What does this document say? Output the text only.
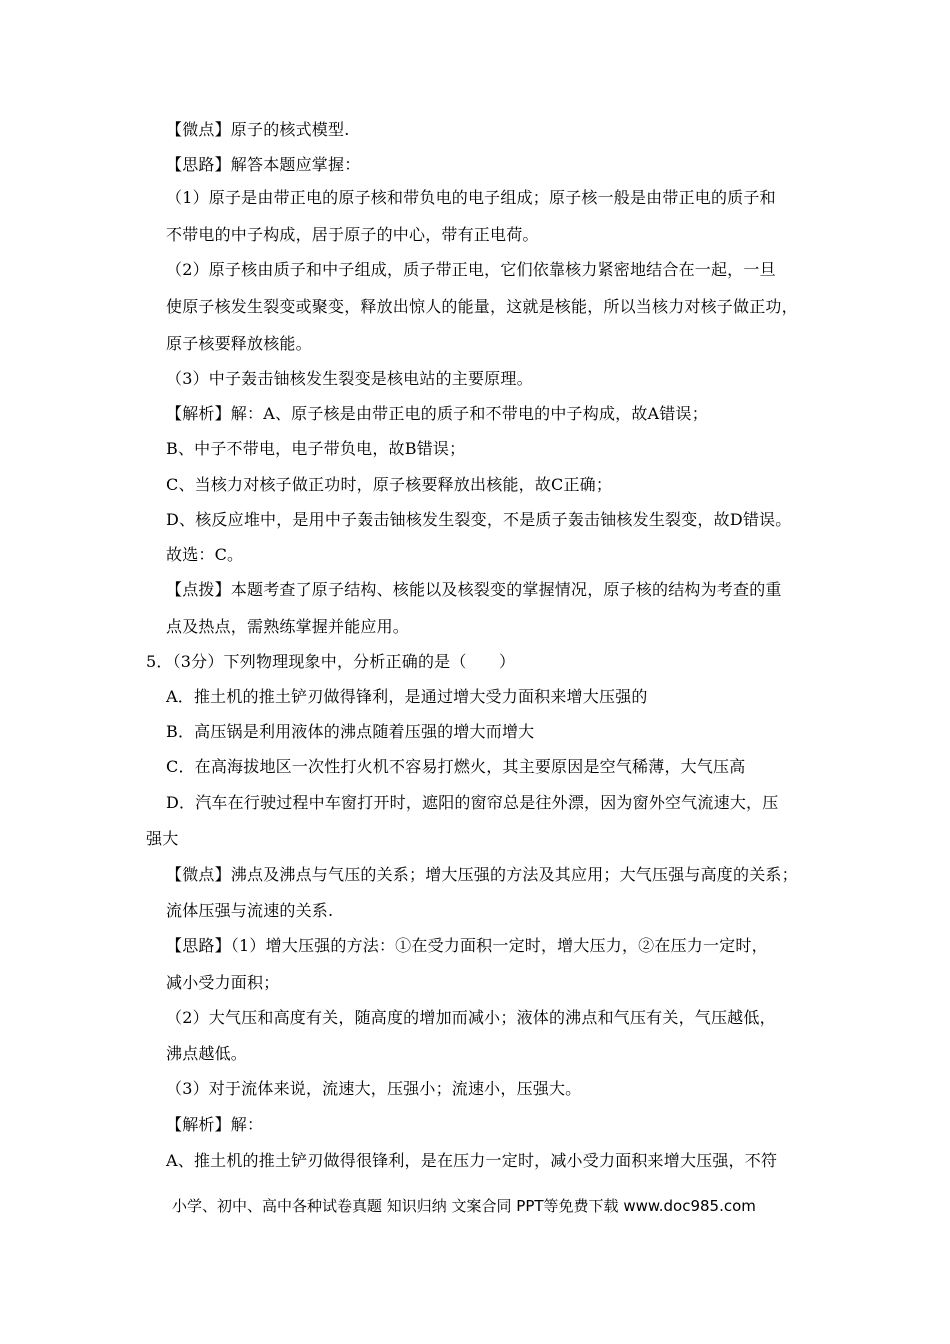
【微点】原子的核式模型.
【思路】解答本题应掌握：
（1）原子是由带正电的原子核和带负电的电子组成；原子核一般是由带正电的质子和
不带电的中子构成，居于原子的中心，带有正电荷。
（2）原子核由质子和中子组成，质子带正电，它们依靠核力紧密地结合在一起，一旦
使原子核发生裂变或聚变，释放出惊人的能量，这就是核能，所以当核力对核子做正功，
原子核要释放核能。
（3）中子轰击铀核发生裂变是核电站的主要原理。
【解析】解：A、原子核是由带正电的质子和不带电的中子构成，故A错误；
B、中子不带电，电子带负电，故B错误；
C、当核力对核子做正功时，原子核要释放出核能，故C正确；
D、核反应堆中，是用中子轰击铀核发生裂变，不是质子轰击铀核发生裂变，故D错误。
故选：C。
【点拨】本题考查了原子结构、核能以及核裂变的掌握情况，原子核的结构为考查的重
点及热点，需熟练掌握并能应用。
5．（3分）下列物理现象中，分析正确的是（　　）
A．推土机的推土铲刃做得锋利，是通过增大受力面积来增大压强的
B．高压锅是利用液体的沸点随着压强的增大而增大
C．在高海拔地区一次性打火机不容易打燃火，其主要原因是空气稀薄，大气压高
D．汽车在行驶过程中车窗打开时，遮阳的窗帘总是往外漂，因为窗外空气流速大，压
强大
【微点】沸点及沸点与气压的关系；增大压强的方法及其应用；大气压强与高度的关系；
流体压强与流速的关系.
【思路】（1）增大压强的方法：①在受力面积一定时，增大压力，②在压力一定时，
减小受力面积；
（2）大气压和高度有关，随高度的增加而减小；液体的沸点和气压有关，气压越低，
沸点越低。
（3）对于流体来说，流速大，压强小；流速小，压强大。
【解析】解：
A、推土机的推土铲刃做得很锋利，是在压力一定时，减小受力面积来增大压强，不符
小学、初中、高中各种试卷真题 知识归纳 文案合同 PPT等免费下载 www.doc985.com
